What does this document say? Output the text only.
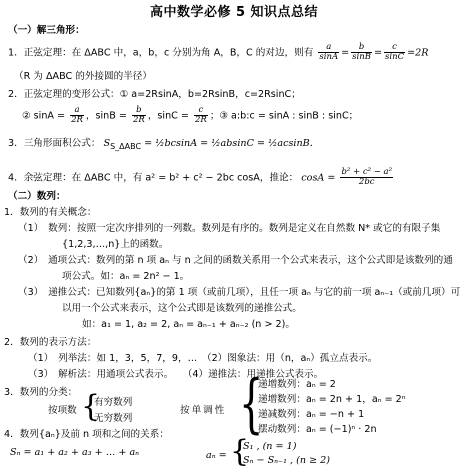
高中数学必修 5 知识点总结
（一）解三角形：
1．正弦定理：在 ΔABC 中，a，b，c 分别为角 A，B，C 的对边，则有 $\frac{a}{\sin A} = \frac{b}{\sin B} = \frac{c}{\sin C} =2R$
（R 为 ΔABC 的外接圆的半径）
2．正弦定理的变形公式：① a=2RsinA，b=2RsinB，c=2RsinC；
② $\sin A = \frac{a}{2R}$ ，$\sin B = \frac{b}{2R}$ ，$\sin C = \frac{c}{2R}$ ；③ a:b:c = sinA : sinB : sinC；
3．三角形面积公式： $S_{S\_\Delta ABC}$ = ½bcsinA = ½absinC = ½acsinB．
4．余弦定理：在 ΔABC 中，有 a² = b² + c² − 2bc cosA，推论： $\cos A = \frac{\text{b² + c² − a²}}{2bc}$
（二）数列：
1．数列的有关概念：
（1）　数列：按照一定次序排列的一列数。数列是有序的。数列是定义在自然数 N* 或它的有限子集
{1,2,3,…,n}上的函数。
（2）　通项公式：数列的第 n 项 aₙ 与 n 之间的函数关系用一个公式来表示，这个公式即是该数列的通
项公式。如：aₙ = 2n² − 1。
（3）　递推公式：已知数列{aₙ}的第 1 项（或前几项），且任一项 aₙ 与它的前一项 aₙ₋₁（或前几项）可
以用一个公式来表示，这个公式即是该数列的递推公式。
如：a₁ = 1, a₂ = 2, aₙ = aₙ₋₁ + aₙ₋₂ (n > 2)。
2．数列的表示方法：
（1）　列举法：如 1，3，5，7，9，…　（2）图象法：用（n，aₙ）孤立点表示。
（3）　解析法：用通项公式表示。　　（4）递推法：用递推公式表示。
3．数列的分类：
按项数 {
有穷数列
无穷数列
按单调性 {
递增数列：aₙ = 2
递增数列：aₙ = 2n + 1，aₙ = 2ⁿ
递减数列：aₙ = −n + 1
摆动数列：aₙ = (−1)ⁿ · 2n
4．数列{aₙ}及前 n 项和之间的关系：
Sₙ = a₁ + a₂ + a₃ + … + aₙ	aₙ = {
S₁ , (n = 1)
Sₙ − Sₙ₋₁ , (n ≥ 2)
